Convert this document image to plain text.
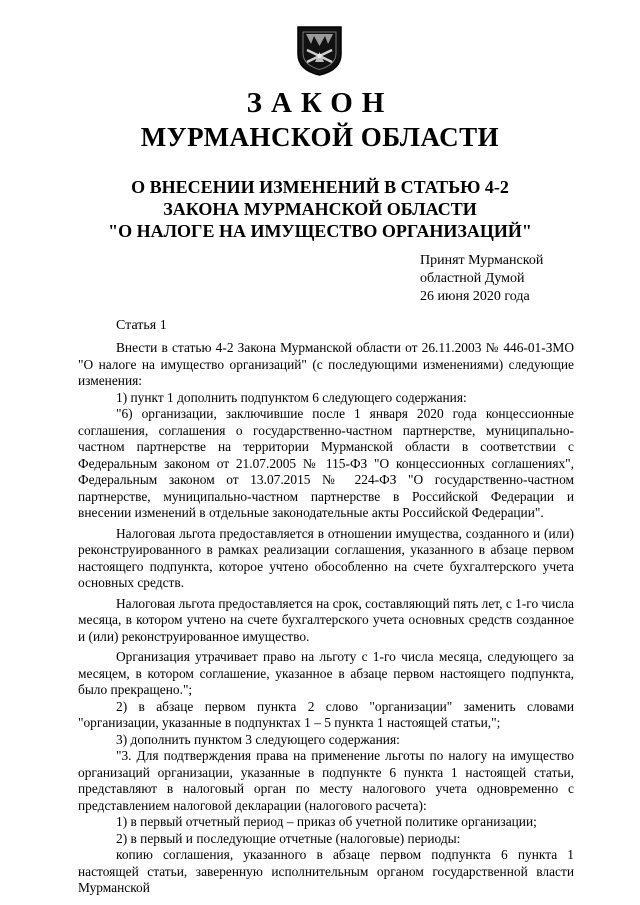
ЗАКОН
МУРМАНСКОЙ ОБЛАСТИ
О ВНЕСЕНИИ ИЗМЕНЕНИЙ В СТАТЬЮ 4-2
ЗАКОНА МУРМАНСКОЙ ОБЛАСТИ
"О НАЛОГЕ НА ИМУЩЕСТВО ОРГАНИЗАЦИЙ"
Принят Мурманской
областной Думой
26 июня 2020 года
Статья 1

Внести в статью 4-2 Закона Мурманской области от 26.11.2003 № 446-01-ЗМО "О налоге на имущество организаций" (с последующими изменениями) следующие изменения:

1) пункт 1 дополнить подпунктом 6 следующего содержания:

"6) организации, заключившие после 1 января 2020 года концессионные соглашения, соглашения о государственно-частном партнерстве, муниципально-частном партнерстве на территории Мурманской области в соответствии с Федеральным законом от 21.07.2005 № 115-ФЗ "О концессионных соглашениях", Федеральным законом от 13.07.2015 № 224-ФЗ "О государственно-частном партнерстве, муниципально-частном партнерстве в Российской Федерации и внесении изменений в отдельные законодательные акты Российской Федерации".

Налоговая льгота предоставляется в отношении имущества, созданного и (или) реконструированного в рамках реализации соглашения, указанного в абзаце первом настоящего подпункта, которое учтено обособленно на счете бухгалтерского учета основных средств.

Налоговая льгота предоставляется на срок, составляющий пять лет, с 1-го числа месяца, в котором учтено на счете бухгалтерского учета основных средств созданное и (или) реконструированное имущество.

Организация утрачивает право на льготу с 1-го числа месяца, следующего за месяцем, в котором соглашение, указанное в абзаце первом настоящего подпункта, было прекращено.";

2) в абзаце первом пункта 2 слово "организации" заменить словами "организации, указанные в подпунктах 1 – 5 пункта 1 настоящей статьи,";

3) дополнить пунктом 3 следующего содержания:

"3. Для подтверждения права на применение льготы по налогу на имущество организаций организации, указанные в подпункте 6 пункта 1 настоящей статьи, представляют в налоговый орган по месту налогового учета одновременно с представлением налоговой декларации (налогового расчета):

1) в первый отчетный период – приказ об учетной политике организации;

2) в первый и последующие отчетные (налоговые) периоды:

копию соглашения, указанного в абзаце первом подпункта 6 пункта 1 настоящей статьи, заверенную исполнительным органом государственной власти Мурманской
